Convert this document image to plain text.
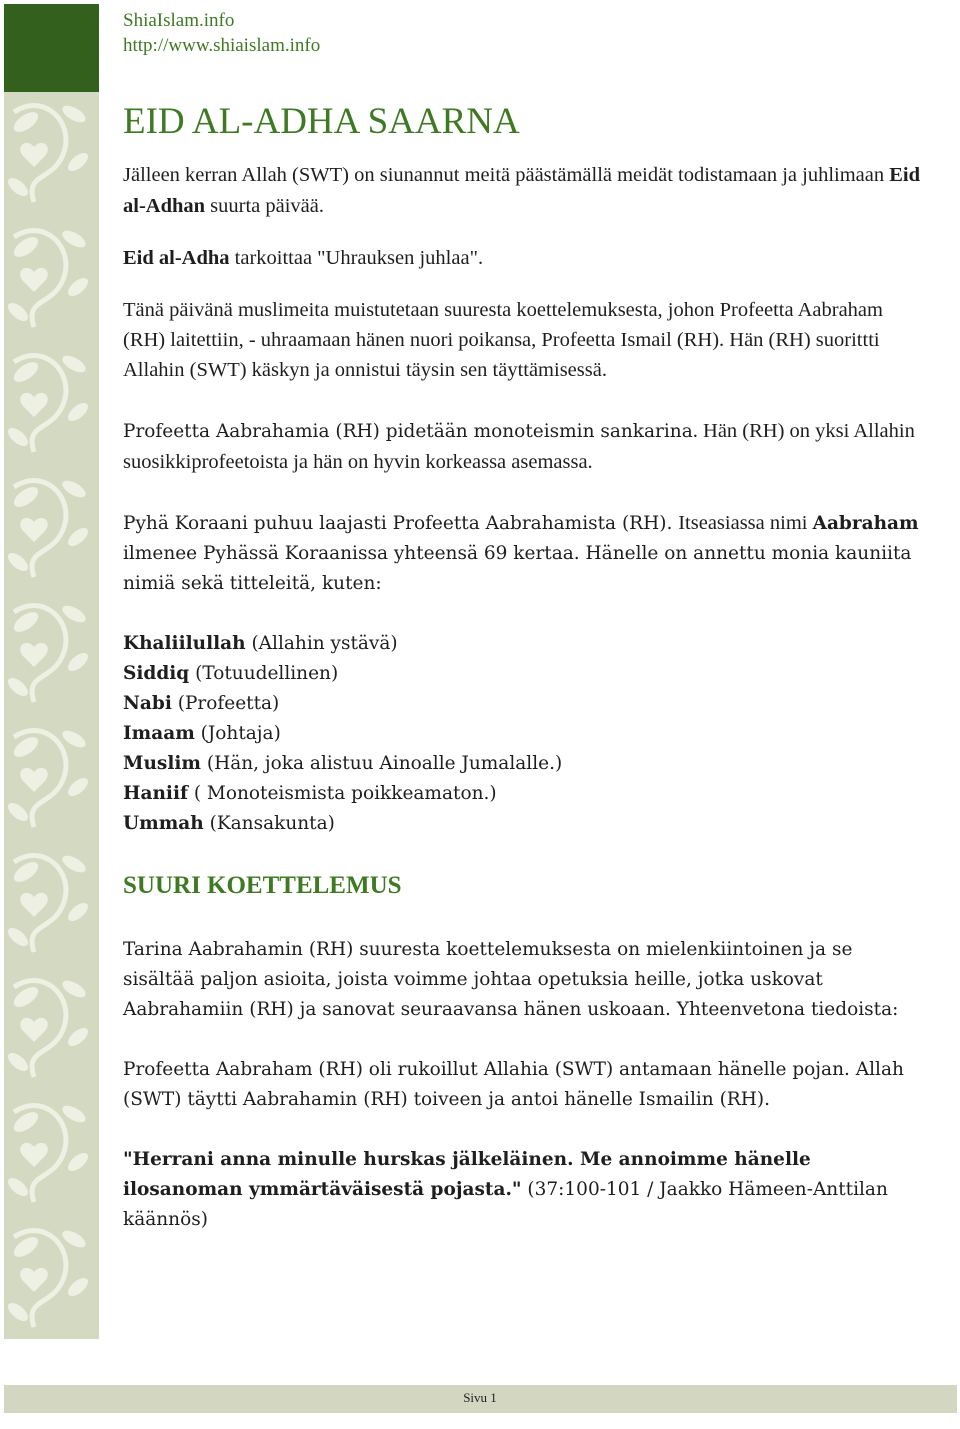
ShiaIslam.info
http://www.shiaislam.info
EID AL-ADHA SAARNA

Jälleen kerran Allah (SWT) on siunannut meitä päästämällä meidät todistamaan ja juhlimaan Eid al-Adhan suurta päivää.

Eid al-Adha tarkoittaa "Uhrauksen juhlaa".

Tänä päivänä muslimeita muistutetaan suuresta koettelemuksesta, johon Profeetta Aabraham (RH) laitettiin, - uhraamaan hänen nuori poikansa, Profeetta Ismail (RH). Hän (RH) suorittti Allahin (SWT) käskyn ja onnistui täysin sen täyttämisessä.

Profeetta Aabrahamia (RH) pidetään monoteismin sankarina. Hän (RH) on yksi Allahin suosikkiprofeetoista ja hän on hyvin korkeassa asemassa.

Pyhä Koraani puhuu laajasti Profeetta Aabrahamista (RH). Itseasiassa nimi Aabraham ilmenee Pyhässä Koraanissa yhteensä 69 kertaa. Hänelle on annettu monia kauniita nimiä sekä titteleitä, kuten:

Khaliilullah (Allahin ystävä)

Siddiq (Totuudellinen)

Nabi (Profeetta)

Imaam (Johtaja)

Muslim (Hän, joka alistuu Ainoalle Jumalalle.)

Haniif ( Monoteismista poikkeamaton.)

Ummah (Kansakunta)

SUURI KOETTELEMUS

Tarina Aabrahamin (RH) suuresta koettelemuksesta on mielenkiintoinen ja se sisältää paljon asioita, joista voimme johtaa opetuksia heille, jotka uskovat Aabrahamiin (RH) ja sanovat seuraavansa hänen uskoaan. Yhteenvetona tiedoista:

Profeetta Aabraham (RH) oli rukoillut Allahia (SWT) antamaan hänelle pojan. Allah (SWT) täytti Aabrahamin (RH) toiveen ja antoi hänelle Ismailin (RH).

"Herrani anna minulle hurskas jälkeläinen. Me annoimme hänelle ilosanoman ymmärtäväisestä pojasta." (37:100-101 / Jaakko Hämeen-Anttilan käännös)

Sivu 1
